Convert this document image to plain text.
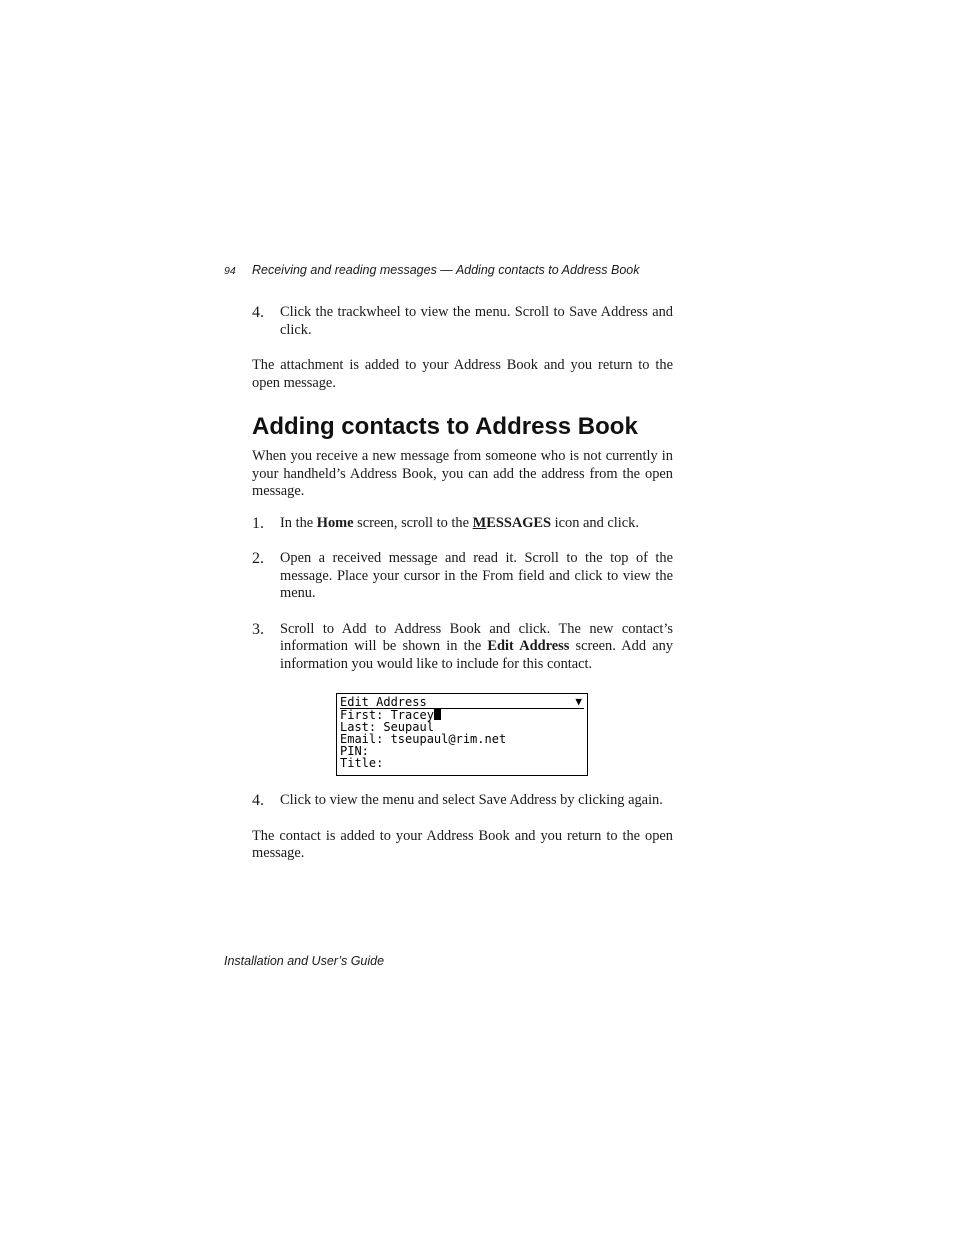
94 Receiving and reading messages — Adding contacts to Address Book
4. Click the trackwheel to view the menu. Scroll to Save Address and click.

The attachment is added to your Address Book and you return to the open message.

Adding contacts to Address Book

When you receive a new message from someone who is not currently in your handheld’s Address Book, you can add the address from the open message.

1. In the Home screen, scroll to the MESSAGES icon and click.

2. Open a received message and read it. Scroll to the top of the message. Place your cursor in the From field and click to view the menu.

3. Scroll to Add to Address Book and click. The new contact’s information will be shown in the Edit Address screen. Add any information you would like to include for this contact.

Edit Address	▼
First: Tracey
Last: Seupaul
Email: tseupaul@rim.net
PIN:
Title:
4. Click to view the menu and select Save Address by clicking again.

The contact is added to your Address Book and you return to the open message.

Installation and User’s Guide
